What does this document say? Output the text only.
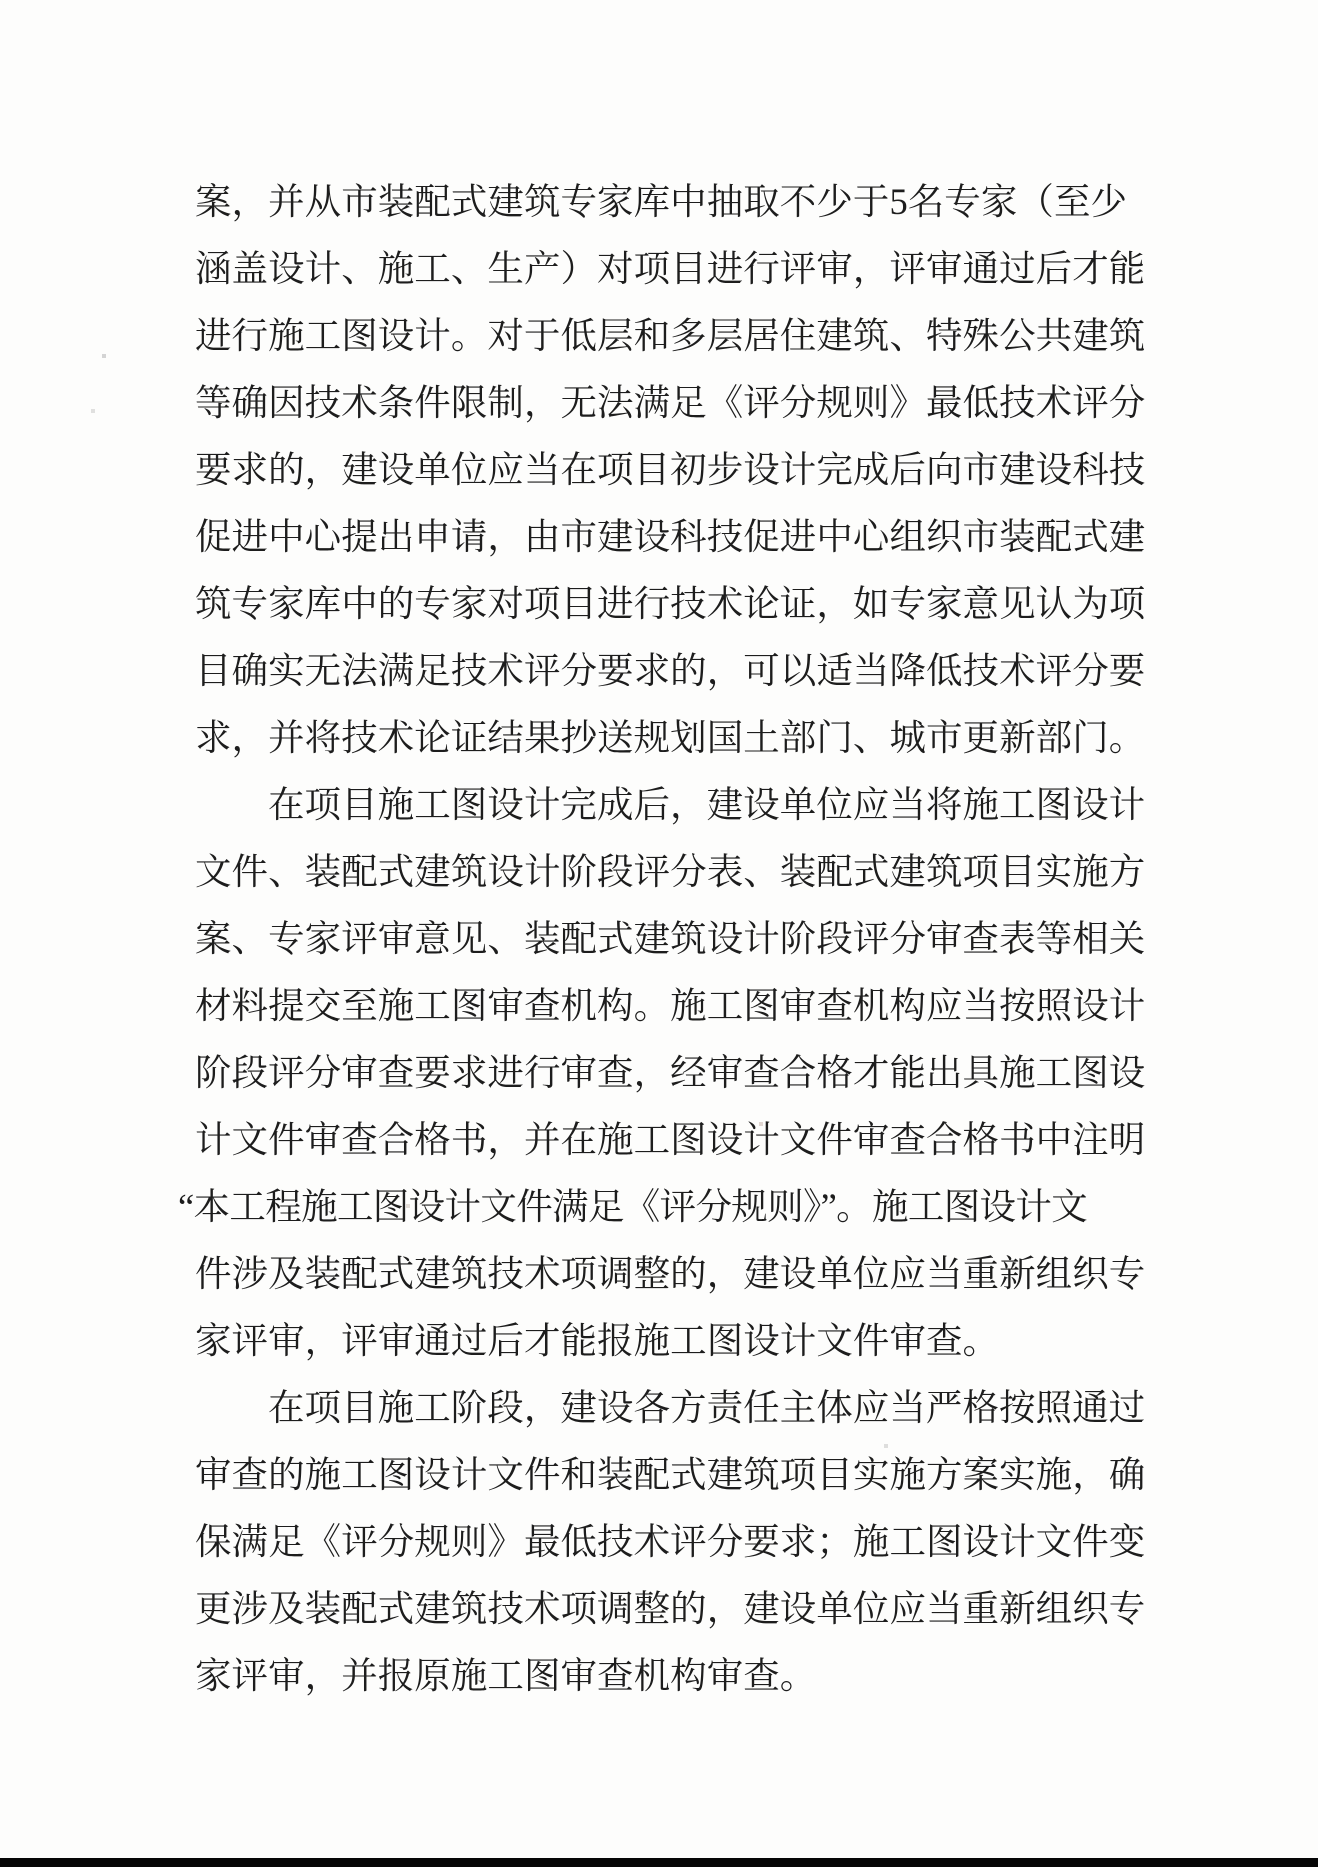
案，并从市装配式建筑专家库中抽取不少于5名专家（至少
涵盖设计、施工、生产）对项目进行评审，评审通过后才能
进行施工图设计。对于低层和多层居住建筑、特殊公共建筑
等确因技术条件限制，无法满足《评分规则》最低技术评分
要求的，建设单位应当在项目初步设计完成后向市建设科技
促进中心提出申请，由市建设科技促进中心组织市装配式建
筑专家库中的专家对项目进行技术论证，如专家意见认为项
目确实无法满足技术评分要求的，可以适当降低技术评分要
求，并将技术论证结果抄送规划国土部门、城市更新部门。
在项目施工图设计完成后，建设单位应当将施工图设计
文件、装配式建筑设计阶段评分表、装配式建筑项目实施方
案、专家评审意见、装配式建筑设计阶段评分审查表等相关
材料提交至施工图审查机构。施工图审查机构应当按照设计
阶段评分审查要求进行审查，经审查合格才能出具施工图设
计文件审查合格书，并在施工图设计文件审查合格书中注明
“本工程施工图设计文件满足《评分规则》”。施工图设计文
件涉及装配式建筑技术项调整的，建设单位应当重新组织专
家评审，评审通过后才能报施工图设计文件审查。
在项目施工阶段，建设各方责任主体应当严格按照通过
审查的施工图设计文件和装配式建筑项目实施方案实施，确
保满足《评分规则》最低技术评分要求；施工图设计文件变
更涉及装配式建筑技术项调整的，建设单位应当重新组织专
家评审，并报原施工图审查机构审查。
